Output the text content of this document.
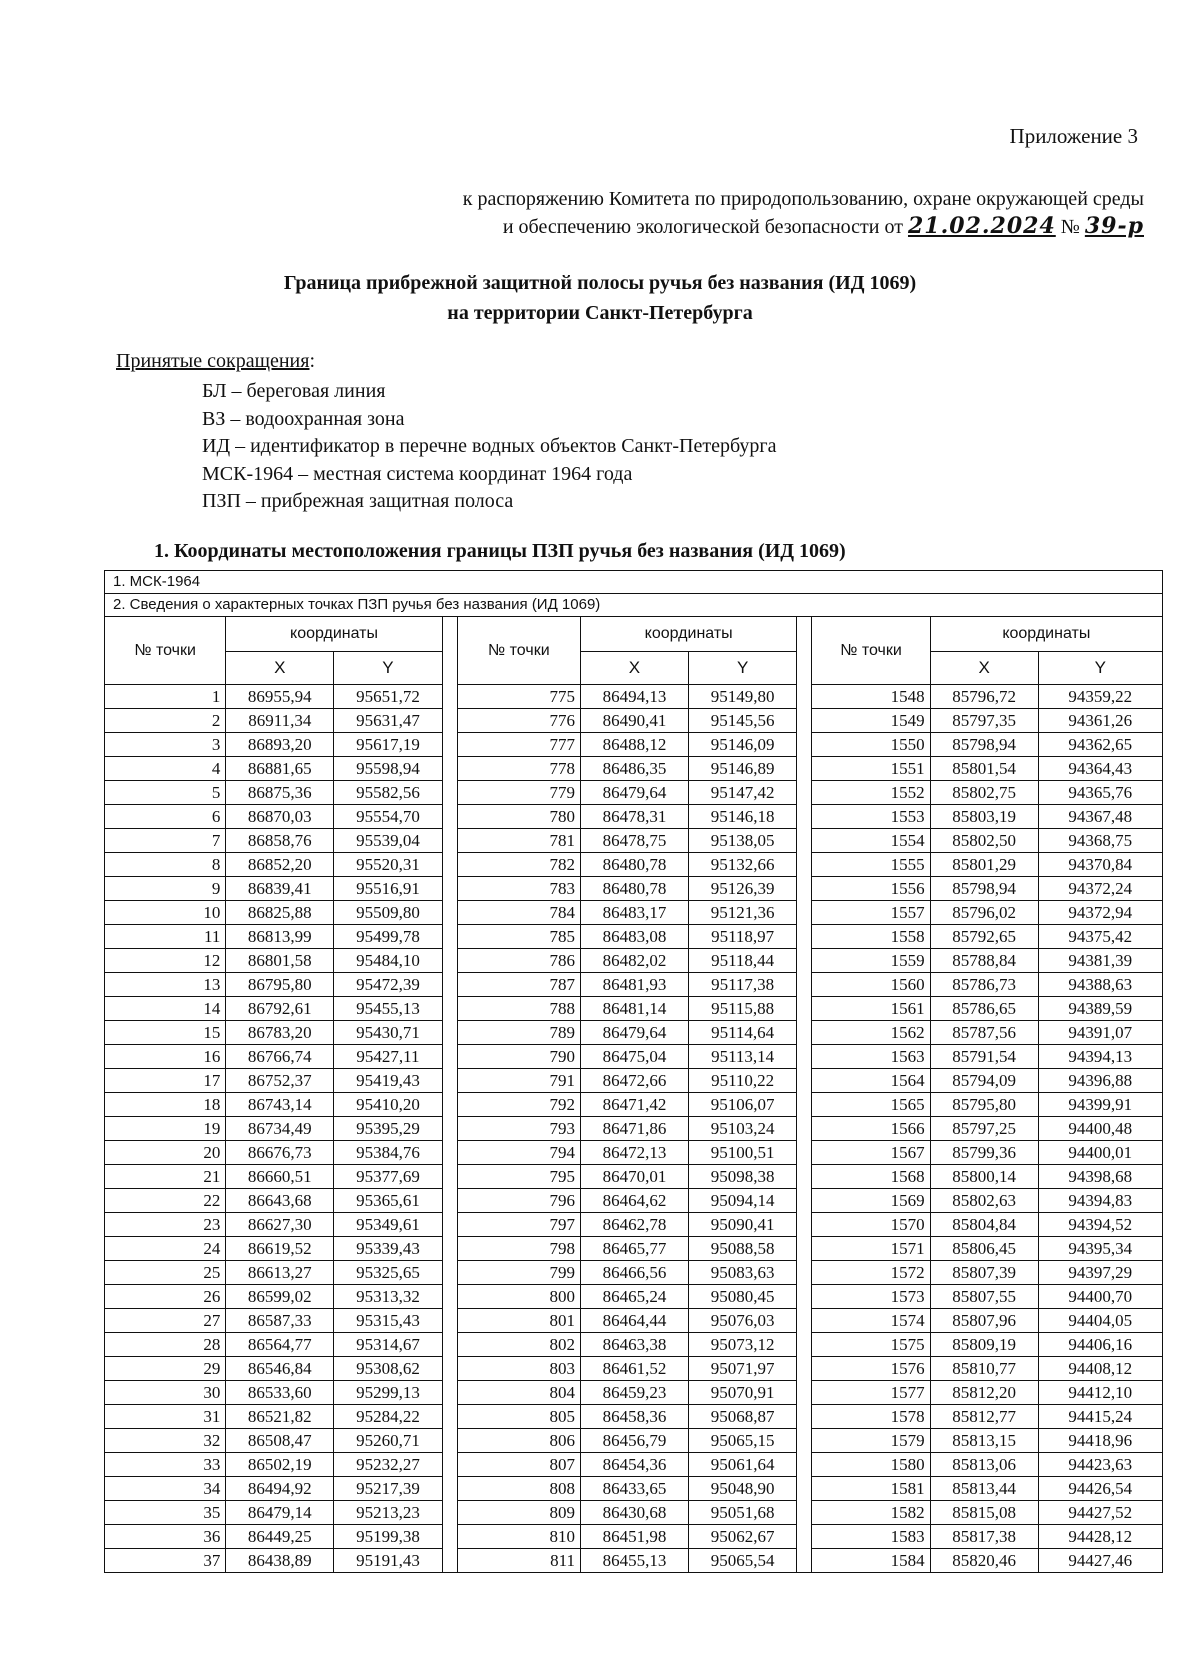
Приложение 3
к распоряжению Комитета по природопользованию, охране окружающей среды
и обеспечению экологической безопасности от 21.02.2024 № 39-р
Граница прибрежной защитной полосы ручья без названия (ИД 1069)
на территории Санкт-Петербурга
Принятые сокращения:
БЛ – береговая линия
ВЗ – водоохранная зона
ИД – идентификатор в перечне водных объектов Санкт-Петербурга
МСК-1964 – местная система координат 1964 года
ПЗП – прибрежная защитная полоса
1. Координаты местоположения границы ПЗП ручья без названия (ИД 1069)
1. МСК-1964
2. Сведения о характерных точках ПЗП ручья без названия (ИД 1069)
№ точки	координаты	
	X	Y
1	86955,94	95651,72
2	86911,34	95631,47
3	86893,20	95617,19
4	86881,65	95598,94
5	86875,36	95582,56
6	86870,03	95554,70
7	86858,76	95539,04
8	86852,20	95520,31
9	86839,41	95516,91
10	86825,88	95509,80
11	86813,99	95499,78
12	86801,58	95484,10
13	86795,80	95472,39
14	86792,61	95455,13
15	86783,20	95430,71
16	86766,74	95427,11
17	86752,37	95419,43
18	86743,14	95410,20
19	86734,49	95395,29
20	86676,73	95384,76
21	86660,51	95377,69
22	86643,68	95365,61
23	86627,30	95349,61
24	86619,52	95339,43
25	86613,27	95325,65
26	86599,02	95313,32
27	86587,33	95315,43
28	86564,77	95314,67
29	86546,84	95308,62
30	86533,60	95299,13
31	86521,82	95284,22
32	86508,47	95260,71
33	86502,19	95232,27
34	86494,92	95217,39
35	86479,14	95213,23
36	86449,25	95199,38
37	86438,89	95191,43
№ точки	координаты	
	X	Y
775	86494,13	95149,80
776	86490,41	95145,56
777	86488,12	95146,09
778	86486,35	95146,89
779	86479,64	95147,42
780	86478,31	95146,18
781	86478,75	95138,05
782	86480,78	95132,66
783	86480,78	95126,39
784	86483,17	95121,36
785	86483,08	95118,97
786	86482,02	95118,44
787	86481,93	95117,38
788	86481,14	95115,88
789	86479,64	95114,64
790	86475,04	95113,14
791	86472,66	95110,22
792	86471,42	95106,07
793	86471,86	95103,24
794	86472,13	95100,51
795	86470,01	95098,38
796	86464,62	95094,14
797	86462,78	95090,41
798	86465,77	95088,58
799	86466,56	95083,63
800	86465,24	95080,45
801	86464,44	95076,03
802	86463,38	95073,12
803	86461,52	95071,97
804	86459,23	95070,91
805	86458,36	95068,87
806	86456,79	95065,15
807	86454,36	95061,64
808	86433,65	95048,90
809	86430,68	95051,68
810	86451,98	95062,67
811	86455,13	95065,54
№ точки	координаты	
	X	Y
1548	85796,72	94359,22
1549	85797,35	94361,26
1550	85798,94	94362,65
1551	85801,54	94364,43
1552	85802,75	94365,76
1553	85803,19	94367,48
1554	85802,50	94368,75
1555	85801,29	94370,84
1556	85798,94	94372,24
1557	85796,02	94372,94
1558	85792,65	94375,42
1559	85788,84	94381,39
1560	85786,73	94388,63
1561	85786,65	94389,59
1562	85787,56	94391,07
1563	85791,54	94394,13
1564	85794,09	94396,88
1565	85795,80	94399,91
1566	85797,25	94400,48
1567	85799,36	94400,01
1568	85800,14	94398,68
1569	85802,63	94394,83
1570	85804,84	94394,52
1571	85806,45	94395,34
1572	85807,39	94397,29
1573	85807,55	94400,70
1574	85807,96	94404,05
1575	85809,19	94406,16
1576	85810,77	94408,12
1577	85812,20	94412,10
1578	85812,77	94415,24
1579	85813,15	94418,96
1580	85813,06	94423,63
1581	85813,44	94426,54
1582	85815,08	94427,52
1583	85817,38	94428,12
1584	85820,46	94427,46
